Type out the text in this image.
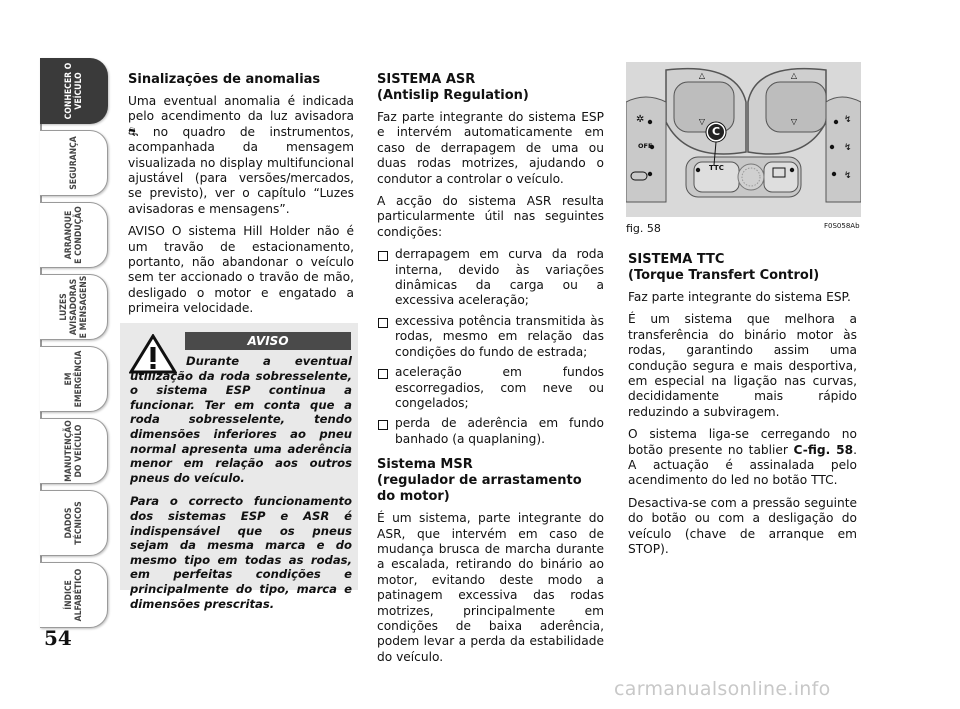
CONHECER O
VEÍCULO
SEGURANÇA
ARRANQUE
E CONDUÇÃO
LUZES
AVISADORAS
E MENSAGENS
EM
EMERGÊNCIA
MANUTENÇÃO
DO VEÍCULO
DADOS
TÉCNICOS
ÍNDICE
ALFABÉTICO
54
Sinalizações de anomalias

Uma eventual anomalia é indicada pelo acendimento da luz avisadora ⛐ no quadro de instrumentos, acompanhada da mensagem visualizada no display multifuncional ajustável (para versões/mercados, se previsto), ver o capítulo “Luzes avisadoras e mensagens”.

AVISO O sistema Hill Holder não é um travão de estacionamento, portanto, não abandonar o veículo sem ter accionado o travão de mão, desligado o motor e engatado a primeira velocidade.

AVISO

Durante a eventual utilização da roda sobresselente, o sistema ESP continua a funcionar. Ter em conta que a roda sobresselente, tendo dimensões inferiores ao pneu normal apresenta uma aderência menor em relação aos outros pneus do veículo.

Para o correcto funcionamento dos sistemas ESP e ASR é indispensável que os pneus sejam da mesma marca e do mesmo tipo em todas as rodas, em perfeitas condições e principalmente do tipo, marca e dimensões prescritas.

SISTEMA ASR
(Antislip Regulation)

Faz parte integrante do sistema ESP e intervém automaticamente em caso de derrapagem de uma ou duas rodas motrizes, ajudando o condutor a controlar o veículo.

A acção do sistema ASR resulta particularmente útil nas seguintes condições:

derrapagem em curva da roda interna, devido às variações dinâmicas da carga ou a excessiva aceleração;
excessiva potência transmitida às rodas, mesmo em relação das condições do fundo de estrada;
aceleração em fundos escorregadios, com neve ou congelados;
perda de aderência em fundo banhado (a quaplaning).
Sistema MSR
(regulador de arrastamento
do motor)

É um sistema, parte integrante do ASR, que intervém em caso de mudança brusca de marcha durante a escalada, retirando do binário ao motor, evitando deste modo a patinagem excessiva das rodas motrizes, principalmente em condições de baixa aderência, podem levar a perda da estabilidade do veículo.

△
▽
△
▽
✲	↯
↯
↯
C
OFF
TTC
fig. 58	F0S058Ab
SISTEMA TTC
(Torque Transfert Control)

Faz parte integrante do sistema ESP.

É um sistema que melhora a transferência do binário motor às rodas, garantindo assim uma condução segura e mais desportiva, em especial na ligação nas curvas, decididamente mais rápido reduzindo a subviragem.

O sistema liga-se cerregando no botão presente no tablier C-fig. 58. A actuação é assinalada pelo acendimento do led no botão TTC.

Desactiva-se com a pressão seguinte do botão ou com a desligação do veículo (chave de arranque em STOP).

carmanualsonline.info
